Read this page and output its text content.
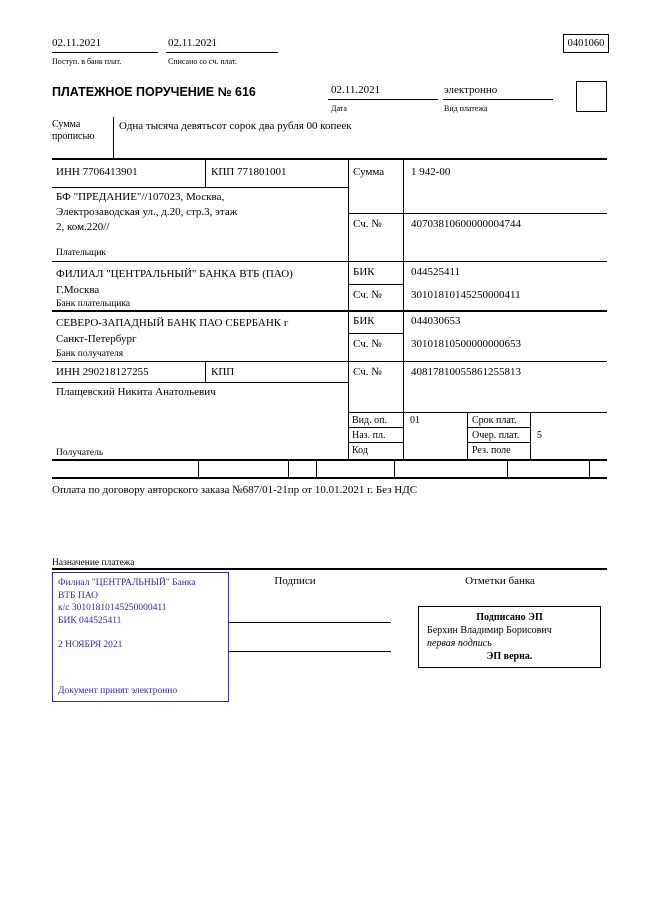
02.11.2021
Поступ. в банк плат.
02.11.2021
Списано со сч. плат.
0401060
ПЛАТЕЖНОЕ ПОРУЧЕНИЕ № 616	02.11.2021
Дата
электронно
Вид платежа
Сумма прописью
Одна тысяча девятьсот сорок два рубля 00 копеек
ИНН 7706413901	КПП 771801001	Сумма 1 942-00
БФ "ПРЕДАНИЕ"//107023, Москва,
Электрозаводская ул., д.20, стр.3, этаж
2, ком.220//
Плательщик
Сч. №	40703810600000004744
ФИЛИАЛ "ЦЕНТРАЛЬНЫЙ" БАНКА ВТБ (ПАО)
Г.Москва
Банк плательщика
БИК	044525411
Сч. №	30101810145250000411
СЕВЕРО-ЗАПАДНЫЙ БАНК ПАО СБЕРБАНК г
Санкт-Петербург
Банк получателя
БИК	044030653
Сч. №	30101810500000000653
ИНН 290218127255	КПП	Сч. №	40817810055861255813
Плащевский Никита Анатольевич
Получатель
Вид. оп. 01	Срок плат.
Наз. пл.	Очер. плат. 5
Код	Рез. поле
Оплата по договору авторского заказа №687/01-21пр от 10.01.2021 г. Без НДС
Назначение платежа
Филиал "ЦЕНТРАЛЬНЫЙ" Банка
ВТБ ПАО
к/с 30101810145250000411
БИК 044525411
2 НОЯБРЯ 2021
Документ принят электронно
Подписи	Отметки банка
Подписано ЭП
Берхин Владимир Борисович
первая подпись
ЭП верна.
